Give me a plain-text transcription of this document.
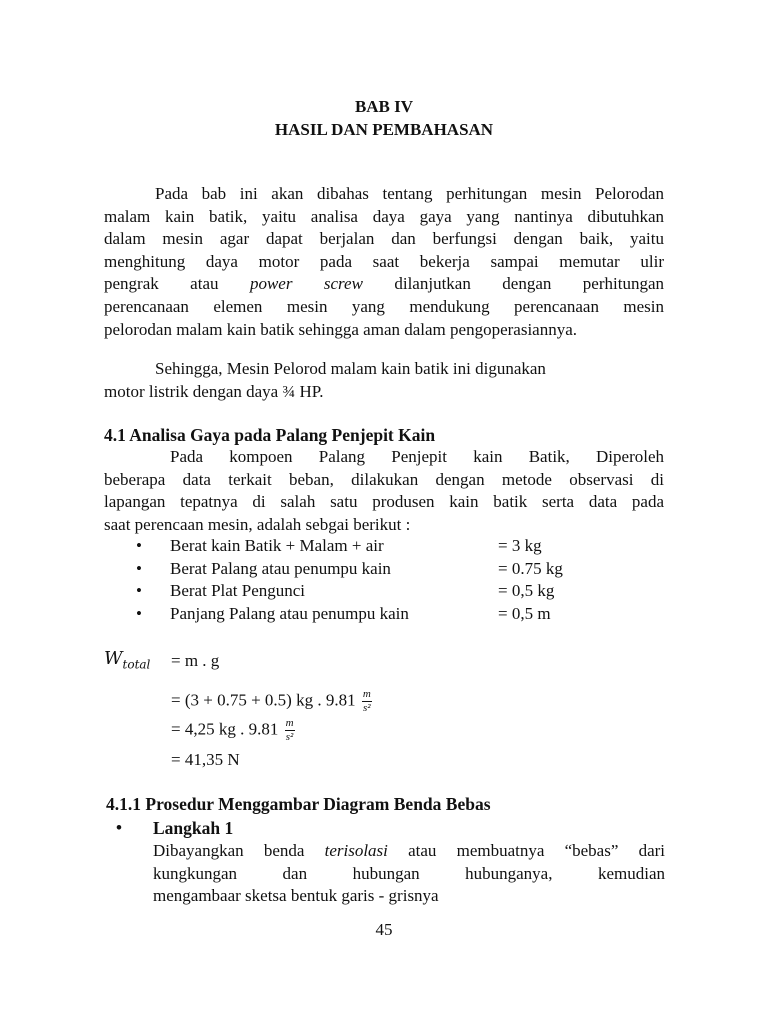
BAB IV
HASIL DAN PEMBAHASAN
Pada bab ini akan dibahas tentang perhitungan mesin Pelorodan
malam kain batik, yaitu analisa daya gaya yang nantinya dibutuhkan
dalam mesin agar dapat berjalan dan berfungsi dengan baik, yaitu
menghitung daya motor pada saat bekerja sampai memutar ulir
pengrak atau power screw dilanjutkan dengan perhitungan
perencanaan elemen mesin yang mendukung perencanaan mesin
pelorodan malam kain batik sehingga aman dalam pengoperasiannya.
Sehingga, Mesin Pelorod malam kain batik ini digunakan
motor listrik dengan daya ¾ HP.
4.1 Analisa Gaya pada Palang Penjepit Kain
Pada kompoen Palang Penjepit kain Batik, Diperoleh
beberapa data terkait beban, dilakukan dengan metode observasi di
lapangan tepatnya di salah satu produsen kain batik serta data pada
saat perencaan mesin, adalah sebgai berikut :
• Berat kain Batik + Malam + air	= 3 kg
• Berat Palang atau penumpu kain	= 0.75 kg
• Berat Plat Pengunci	= 0,5 kg
• Panjang Palang atau penumpu kain	= 0,5 m
$W_{total} = m$ . g
= (3 + 0.75 + 0.5) kg . $9.81 \frac{m}{\text{s²}}$
= 4,25 kg . $9.81 \frac{m}{\text{s²}}$
= 41,35 N
4.1.1 Prosedur Menggambar Diagram Benda Bebas
• Langkah 1
Dibayangkan benda terisolasi atau membuatnya “bebas” dari
kungkungan dan hubungan hubunganya, kemudian
mengambaar sketsa bentuk garis - grisnya
45
